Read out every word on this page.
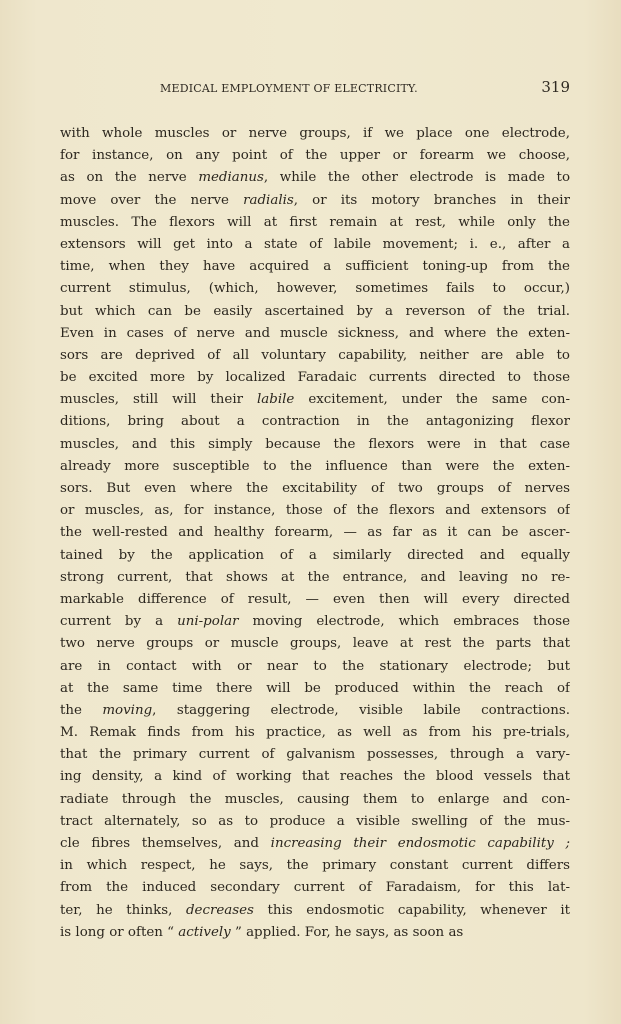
MEDICAL EMPLOYMENT OF ELECTRICITY.	319
with whole muscles or nerve groups, if we place one electrode,
for instance, on any point of the upper or forearm we choose,
as on the nerve medianus, while the other electrode is made to
move over the nerve radialis, or its motory branches in their
muscles. The flexors will at first remain at rest, while only the
extensors will get into a state of labile movement; i. e., after a
time, when they have acquired a sufficient toning-up from the
current stimulus, (which, however, sometimes fails to occur,)
but which can be easily ascertained by a reverson of the trial.
Even in cases of nerve and muscle sickness, and where the exten-
sors are deprived of all voluntary capability, neither are able to
be excited more by localized Faradaic currents directed to those
muscles, still will their labile excitement, under the same con-
ditions, bring about a contraction in the antagonizing flexor
muscles, and this simply because the flexors were in that case
already more susceptible to the influence than were the exten-
sors. But even where the excitability of two groups of nerves
or muscles, as, for instance, those of the flexors and extensors of
the well-rested and healthy forearm, — as far as it can be ascer-
tained by the application of a similarly directed and equally
strong current, that shows at the entrance, and leaving no re-
markable difference of result, — even then will every directed
current by a uni-polar moving electrode, which embraces those
two nerve groups or muscle groups, leave at rest the parts that
are in contact with or near to the stationary electrode; but
at the same time there will be produced within the reach of
the moving, staggering electrode, visible labile contractions.
M. Remak finds from his practice, as well as from his pre-trials,
that the primary current of galvanism possesses, through a vary-
ing density, a kind of working that reaches the blood vessels that
radiate through the muscles, causing them to enlarge and con-
tract alternately, so as to produce a visible swelling of the mus-
cle fibres themselves, and increasing their endosmotic capability ;
in which respect, he says, the primary constant current differs
from the induced secondary current of Faradaism, for this lat-
ter, he thinks, decreases this endosmotic capability, whenever it
is long or often “ actively ” applied. For, he says, as soon as
